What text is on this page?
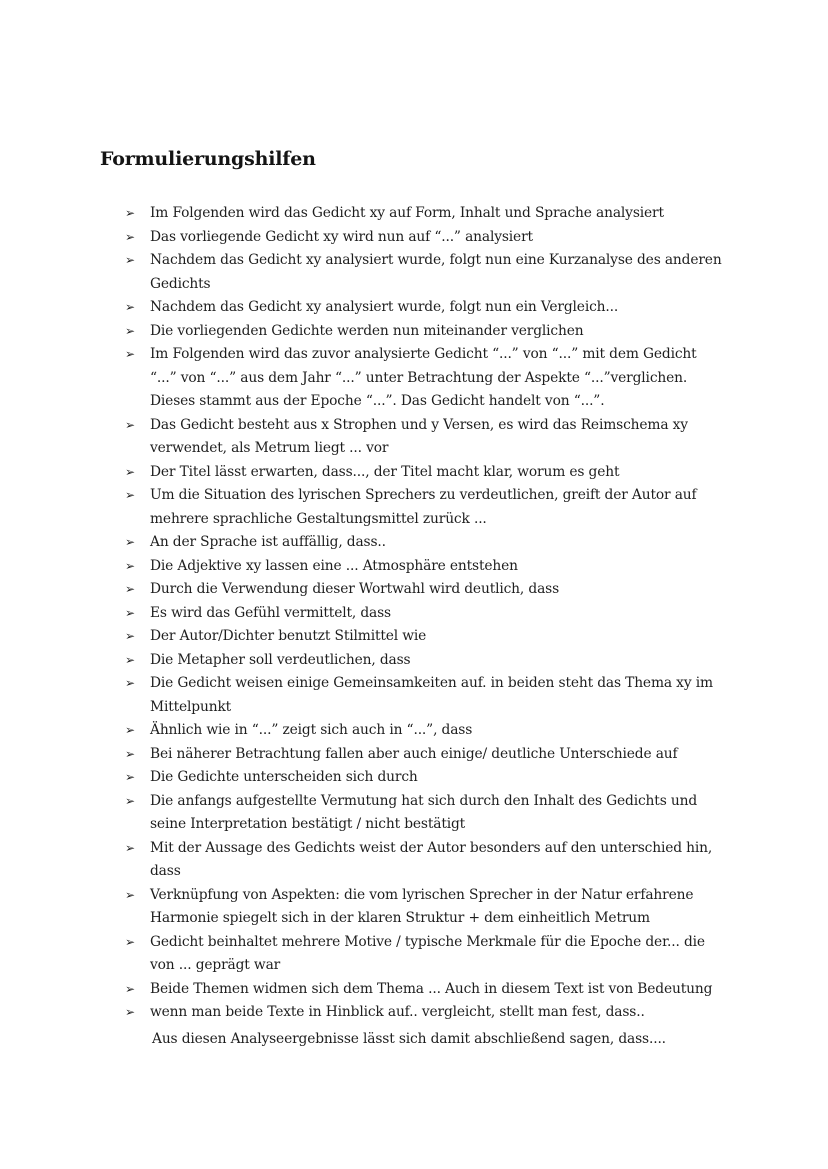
Formulierungshilfen
➢ Im Folgenden wird das Gedicht xy auf Form, Inhalt und Sprache analysiert
➢ Das vorliegende Gedicht xy wird nun auf “...” analysiert
➢ Nachdem das Gedicht xy analysiert wurde, folgt nun eine Kurzanalyse des anderen Gedichts
➢ Nachdem das Gedicht xy analysiert wurde, folgt nun ein Vergleich...
➢ Die vorliegenden Gedichte werden nun miteinander verglichen
➢ Im Folgenden wird das zuvor analysierte Gedicht “...” von “...” mit dem Gedicht “...” von “...” aus dem Jahr “...” unter Betrachtung der Aspekte “...”verglichen. Dieses stammt aus der Epoche “...”. Das Gedicht handelt von “...”.
➢ Das Gedicht besteht aus x Strophen und y Versen, es wird das Reimschema xy verwendet, als Metrum liegt ... vor
➢ Der Titel lässt erwarten, dass..., der Titel macht klar, worum es geht
➢ Um die Situation des lyrischen Sprechers zu verdeutlichen, greift der Autor auf mehrere sprachliche Gestaltungsmittel zurück ...
➢ An der Sprache ist auffällig, dass..
➢ Die Adjektive xy lassen eine ... Atmosphäre entstehen
➢ Durch die Verwendung dieser Wortwahl wird deutlich, dass
➢ Es wird das Gefühl vermittelt, dass
➢ Der Autor/Dichter benutzt Stilmittel wie
➢ Die Metapher soll verdeutlichen, dass
➢ Die Gedicht weisen einige Gemeinsamkeiten auf. in beiden steht das Thema xy im Mittelpunkt
➢ Ähnlich wie in “...” zeigt sich auch in “...”, dass
➢ Bei näherer Betrachtung fallen aber auch einige/ deutliche Unterschiede auf
➢ Die Gedichte unterscheiden sich durch
➢ Die anfangs aufgestellte Vermutung hat sich durch den Inhalt des Gedichts und seine Interpretation bestätigt / nicht bestätigt
➢ Mit der Aussage des Gedichts weist der Autor besonders auf den unterschied hin, dass
➢ Verknüpfung von Aspekten: die vom lyrischen Sprecher in der Natur erfahrene Harmonie spiegelt sich in der klaren Struktur + dem einheitlich Metrum
➢ Gedicht beinhaltet mehrere Motive / typische Merkmale für die Epoche der... die von ... geprägt war
➢ Beide Themen widmen sich dem Thema ... Auch in diesem Text ist von Bedeutung
➢ wenn man beide Texte in Hinblick auf.. vergleicht, stellt man fest, dass..

Aus diesen Analyseergebnisse lässt sich damit abschließend sagen, dass....
